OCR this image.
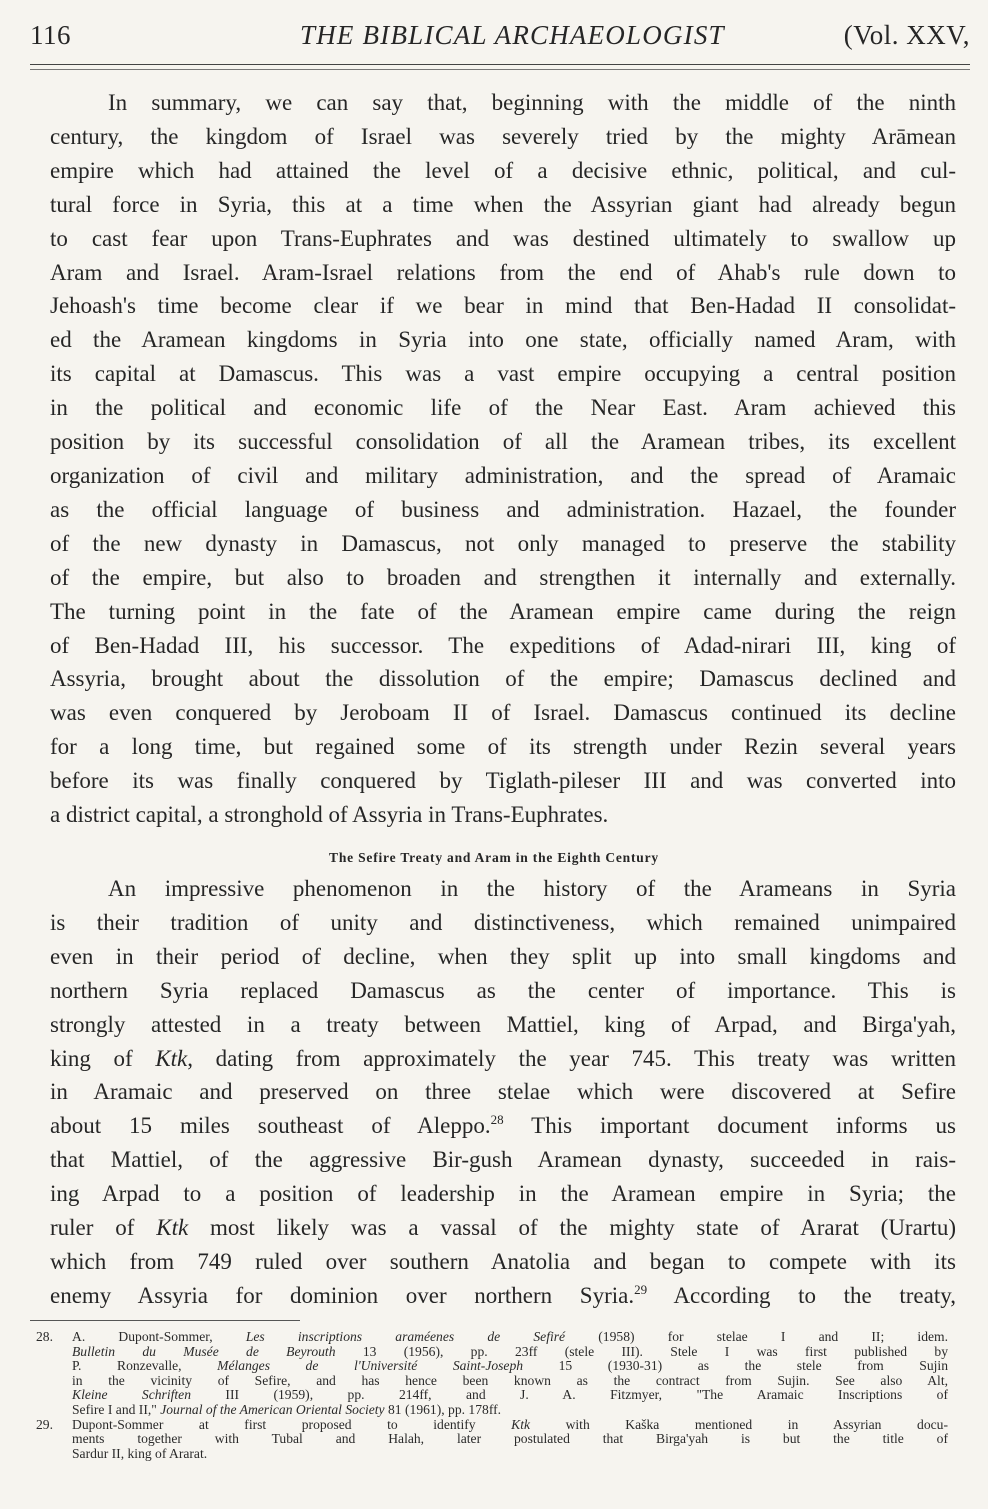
116	THE BIBLICAL ARCHAEOLOGIST	(Vol. XXV,
In summary, we can say that, beginning with the middle of the ninth
century, the kingdom of Israel was severely tried by the mighty Arāmean
empire which had attained the level of a decisive ethnic, political, and cul-
tural force in Syria, this at a time when the Assyrian giant had already begun
to cast fear upon Trans-Euphrates and was destined ultimately to swallow up
Aram and Israel. Aram-Israel relations from the end of Ahab's rule down to
Jehoash's time become clear if we bear in mind that Ben-Hadad II consolidat-
ed the Aramean kingdoms in Syria into one state, officially named Aram, with
its capital at Damascus. This was a vast empire occupying a central position
in the political and economic life of the Near East. Aram achieved this
position by its successful consolidation of all the Aramean tribes, its excellent
organization of civil and military administration, and the spread of Aramaic
as the official language of business and administration. Hazael, the founder
of the new dynasty in Damascus, not only managed to preserve the stability
of the empire, but also to broaden and strengthen it internally and externally.
The turning point in the fate of the Aramean empire came during the reign
of Ben-Hadad III, his successor. The expeditions of Adad-nirari III, king of
Assyria, brought about the dissolution of the empire; Damascus declined and
was even conquered by Jeroboam II of Israel. Damascus continued its decline
for a long time, but regained some of its strength under Rezin several years
before its was finally conquered by Tiglath-pileser III and was converted into
a district capital, a stronghold of Assyria in Trans-Euphrates.
The Sefire Treaty and Aram in the Eighth Century
An impressive phenomenon in the history of the Arameans in Syria
is their tradition of unity and distinctiveness, which remained unimpaired
even in their period of decline, when they split up into small kingdoms and
northern Syria replaced Damascus as the center of importance. This is
strongly attested in a treaty between Mattiel, king of Arpad, and Birga'yah,
king of Ktk, dating from approximately the year 745. This treaty was written
in Aramaic and preserved on three stelae which were discovered at Sefire
about 15 miles southeast of Aleppo.$^{28}$ This important document informs us
that Mattiel, of the aggressive Bir-gush Aramean dynasty, succeeded in rais-
ing Arpad to a position of leadership in the Aramean empire in Syria; the
ruler of Ktk most likely was a vassal of the mighty state of Ararat (Urartu)
which from 749 ruled over southern Anatolia and began to compete with its
enemy Assyria for dominion over northern Syria.$^{29}$ According to the treaty,
28. A. Dupont-Sommer, Les inscriptions araméenes de Sefiré (1958) for stelae I and II; idem.
Bulletin du Musée de Beyrouth 13 (1956), pp. 23ff (stele III). Stele I was first published by
P. Ronzevalle, Mélanges de l'Université Saint-Joseph 15 (1930-31) as the stele from Sujin
in the vicinity of Sefire, and has hence been known as the contract from Sujin. See also Alt,
Kleine Schriften III (1959), pp. 214ff, and J. A. Fitzmyer, "The Aramaic Inscriptions of
Sefire I and II," Journal of the American Oriental Society 81 (1961), pp. 178ff.
29. Dupont-Sommer at first proposed to identify Ktk with Kaška mentioned in Assyrian docu-
ments together with Tubal and Halah, later postulated that Birga'yah is but the title of
Sardur II, king of Ararat.
